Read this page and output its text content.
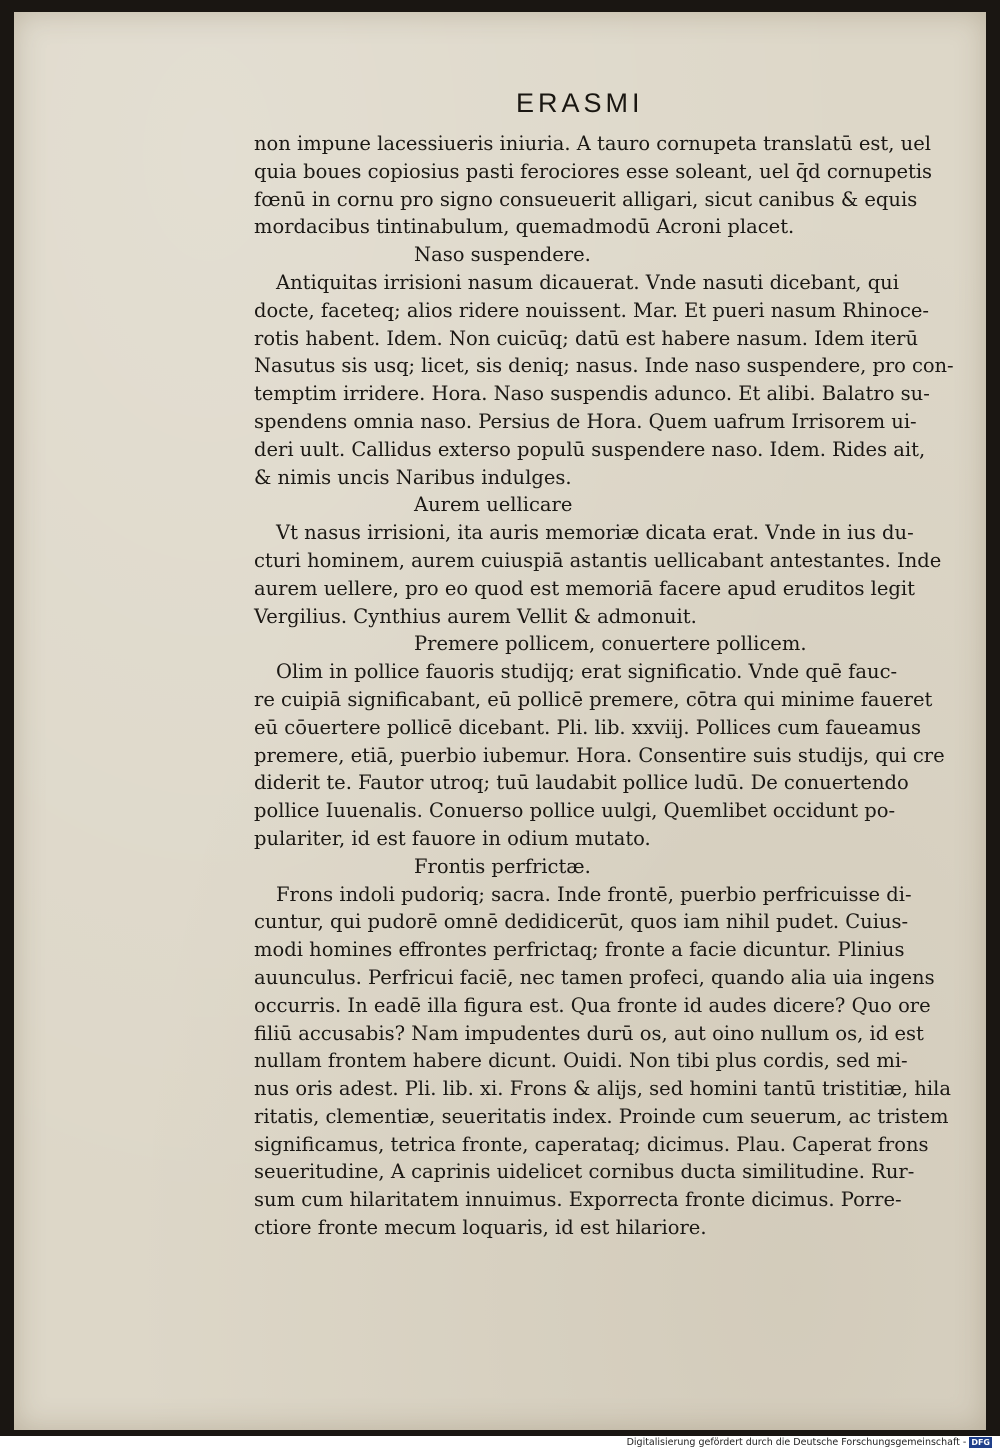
ERASMI
non impune lacessiueris iniuria. A tauro cornupeta translatū est, uel
quia boues copiosius pasti ferociores esse soleant, uel q̄d cornupetis
fœnū in cornu pro signo consueuerit alligari, sicut canibus & equis
mordacibus tintinabulum, quemadmodū Acroni placet.
Naso suspendere.
Antiquitas irrisioni nasum dicauerat. Vnde nasuti dicebant, qui
docte, faceteq; alios ridere nouissent. Mar. Et pueri nasum Rhinoce-
rotis habent. Idem. Non cuicūq; datū est habere nasum. Idem iterū
Nasutus sis usq; licet, sis deniq; nasus. Inde naso suspendere, pro con-
temptim irridere. Hora. Naso suspendis adunco. Et alibi. Balatro su-
spendens omnia naso. Persius de Hora. Quem uafrum Irrisorem ui-
deri uult. Callidus exterso populū suspendere naso. Idem. Rides ait,
& nimis uncis Naribus indulges.
Aurem uellicare
Vt nasus irrisioni, ita auris memoriæ dicata erat. Vnde in ius du-
cturi hominem, aurem cuiuspiā astantis uellicabant antestantes. Inde
aurem uellere, pro eo quod est memoriā facere apud eruditos legit
Vergilius. Cynthius aurem Vellit & admonuit.
Premere pollicem, conuertere pollicem.
Olim in pollice fauoris studijq; erat significatio. Vnde quē fauc-
re cuipiā significabant, eū pollicē premere, cōtra qui minime faueret
eū cōuertere pollicē dicebant. Pli. lib. xxviij. Pollices cum faueamus
premere, etiā, puerbio iubemur. Hora. Consentire suis studijs, qui cre
diderit te. Fautor utroq; tuū laudabit pollice ludū. De conuertendo
pollice Iuuenalis. Conuerso pollice uulgi, Quemlibet occidunt po-
pulariter, id est fauore in odium mutato.
Frontis perfrictæ.
Frons indoli pudoriq; sacra. Inde frontē, puerbio perfricuisse di-
cuntur, qui pudorē omnē dedidicerūt, quos iam nihil pudet. Cuius-
modi homines effrontes perfrictaq; fronte a facie dicuntur. Plinius
auunculus. Perfricui faciē, nec tamen profeci, quando alia uia ingens
occurris. In eadē illa figura est. Qua fronte id audes dicere? Quo ore
filiū accusabis? Nam impudentes durū os, aut oino nullum os, id est
nullam frontem habere dicunt. Ouidi. Non tibi plus cordis, sed mi-
nus oris adest. Pli. lib. xi. Frons & alijs, sed homini tantū tristitiæ, hila
ritatis, clementiæ, seueritatis index. Proinde cum seuerum, ac tristem
significamus, tetrica fronte, caperataq; dicimus. Plau. Caperat frons
seueritudine, A caprinis uidelicet cornibus ducta similitudine. Rur-
sum cum hilaritatem innuimus. Exporrecta fronte dicimus. Porre-
ctiore fronte mecum loquaris, id est hilariore.
Digitalisierung gefördert durch die Deutsche Forschungsgemeinschaft - DFG
